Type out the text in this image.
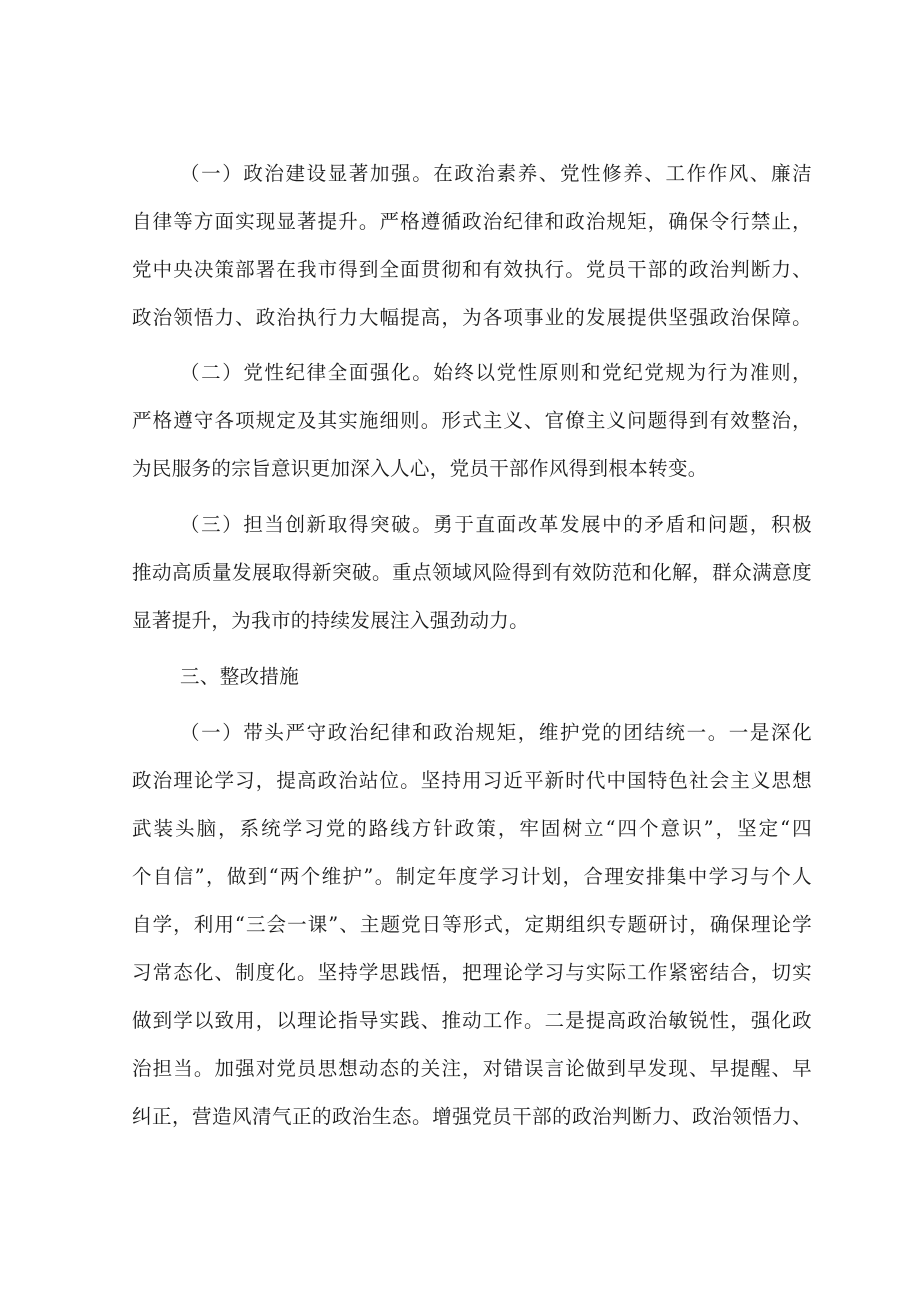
（一）政治建设显著加强。在政治素养、党性修养、工作作风、廉洁

自律等方面实现显著提升。严格遵循政治纪律和政治规矩，确保令行禁止，

党中央决策部署在我市得到全面贯彻和有效执行。党员干部的政治判断力、

政治领悟力、政治执行力大幅提高，为各项事业的发展提供坚强政治保障。

（二）党性纪律全面强化。始终以党性原则和党纪党规为行为准则，

严格遵守各项规定及其实施细则。形式主义、官僚主义问题得到有效整治，

为民服务的宗旨意识更加深入人心，党员干部作风得到根本转变。

（三）担当创新取得突破。勇于直面改革发展中的矛盾和问题，积极

推动高质量发展取得新突破。重点领域风险得到有效防范和化解，群众满意度

显著提升，为我市的持续发展注入强劲动力。

三、整改措施

（一）带头严守政治纪律和政治规矩，维护党的团结统一。一是深化

政治理论学习，提高政治站位。坚持用习近平新时代中国特色社会主义思想

武装头脑，系统学习党的路线方针政策，牢固树立“四个意识”，坚定“四

个自信”，做到“两个维护”。制定年度学习计划，合理安排集中学习与个人

自学，利用“三会一课”、主题党日等形式，定期组织专题研讨，确保理论学

习常态化、制度化。坚持学思践悟，把理论学习与实际工作紧密结合，切实

做到学以致用，以理论指导实践、推动工作。二是提高政治敏锐性，强化政

治担当。加强对党员思想动态的关注，对错误言论做到早发现、早提醒、早

纠正，营造风清气正的政治生态。增强党员干部的政治判断力、政治领悟力、
